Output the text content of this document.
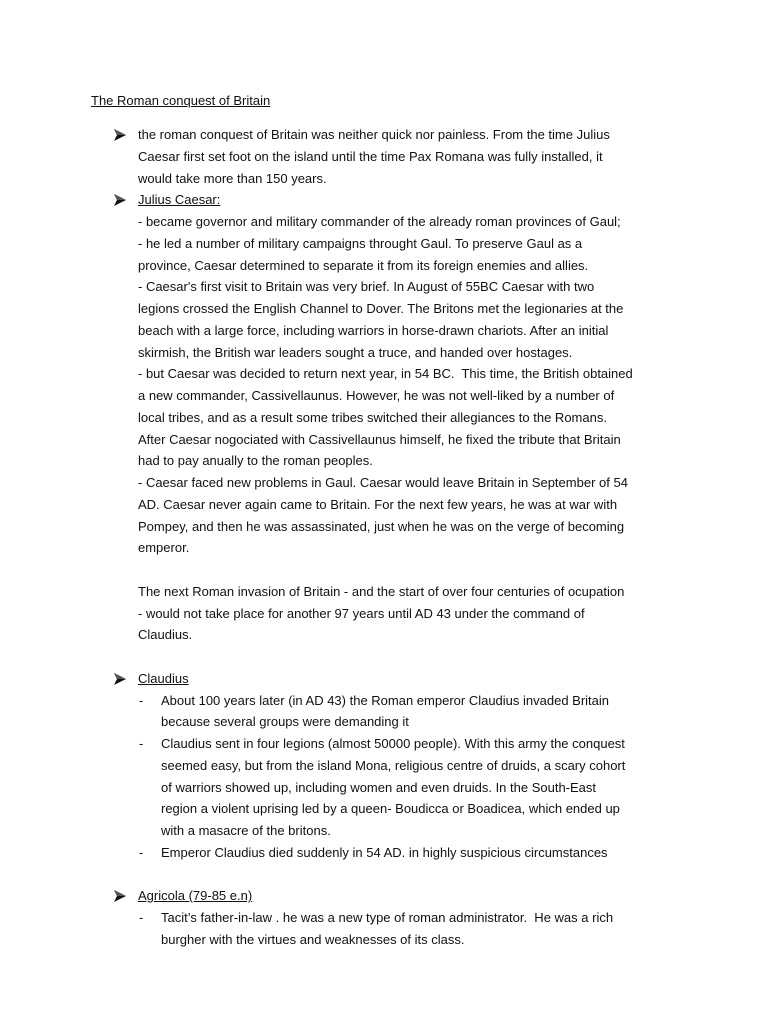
The Roman conquest of Britain
the roman conquest of Britain was neither quick nor painless. From the time Julius
Caesar first set foot on the island until the time Pax Romana was fully installed, it
would take more than 150 years.
Julius Caesar:
- became governor and military commander of the already roman provinces of Gaul;
- he led a number of military campaigns throught Gaul. To preserve Gaul as a
province, Caesar determined to separate it from its foreign enemies and allies.
- Caesar's first visit to Britain was very brief. In August of 55BC Caesar with two
legions crossed the English Channel to Dover. The Britons met the legionaries at the
beach with a large force, including warriors in horse-drawn chariots. After an initial
skirmish, the British war leaders sought a truce, and handed over hostages.
- but Caesar was decided to return next year, in 54 BC.  This time, the British obtained
a new commander, Cassivellaunus. However, he was not well-liked by a number of
local tribes, and as a result some tribes switched their allegiances to the Romans.
After Caesar nogociated with Cassivellaunus himself, he fixed the tribute that Britain
had to pay anually to the roman peoples.
- Caesar faced new problems in Gaul. Caesar would leave Britain in September of 54
AD. Caesar never again came to Britain. For the next few years, he was at war with
Pompey, and then he was assassinated, just when he was on the verge of becoming
emperor.
The next Roman invasion of Britain - and the start of over four centuries of ocupation
- would not take place for another 97 years until AD 43 under the command of
Claudius.
Claudius
- About 100 years later (in AD 43) the Roman emperor Claudius invaded Britain
because several groups were demanding it
- Claudius sent in four legions (almost 50000 people). With this army the conquest
seemed easy, but from the island Mona, religious centre of druids, a scary cohort
of warriors showed up, including women and even druids. In the South-East
region a violent uprising led by a queen- Boudicca or Boadicea, which ended up
with a masacre of the britons.
- Emperor Claudius died suddenly in 54 AD. in highly suspicious circumstances
Agricola (79-85 e.n)
- Tacit’s father-in-law . he was a new type of roman administrator.  He was a rich
burgher with the virtues and weaknesses of its class.
